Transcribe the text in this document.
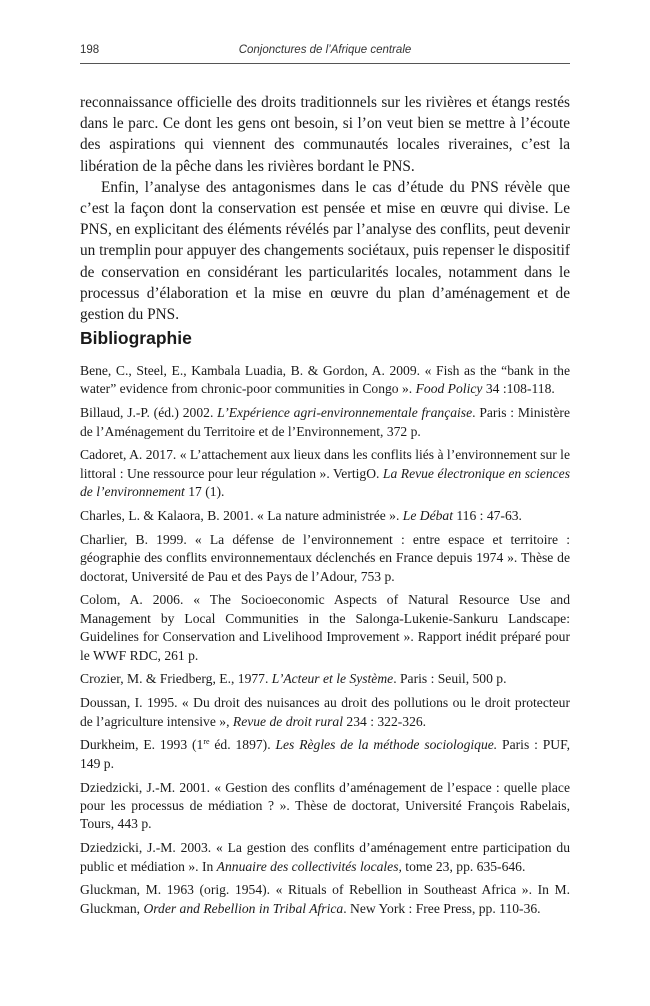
198	Conjonctures de l’Afrique centrale

reconnaissance officielle des droits traditionnels sur les rivières et étangs restés dans le parc. Ce dont les gens ont besoin, si l’on veut bien se mettre à l’écoute des aspirations qui viennent des communautés locales riveraines, c’est la libération de la pêche dans les rivières bordant le PNS.

Enfin, l’analyse des antagonismes dans le cas d’étude du PNS révèle que c’est la façon dont la conservation est pensée et mise en œuvre qui divise. Le PNS, en explicitant des éléments révélés par l’analyse des conflits, peut devenir un tremplin pour appuyer des changements sociétaux, puis repenser le dispositif de conservation en considérant les particularités locales, notamment dans le processus d’élaboration et la mise en œuvre du plan d’aménagement et de gestion du PNS.

Bibliographie

Bene, C., Steel, E., Kambala Luadia, B. & Gordon, A. 2009. « Fish as the “bank in the water” evidence from chronic-poor communities in Congo ». Food Policy 34 :108-118.

Billaud, J.-P. (éd.) 2002. L’Expérience agri-environnementale française. Paris : Ministère de l’Aménagement du Territoire et de l’Environnement, 372 p.

Cadoret, A. 2017. « L’attachement aux lieux dans les conflits liés à l’environnement sur le littoral : Une ressource pour leur régulation ». VertigO. La Revue électronique en sciences de l’environnement 17 (1).

Charles, L. & Kalaora, B. 2001. « La nature administrée ». Le Débat 116 : 47-63.

Charlier, B. 1999. « La défense de l’environnement : entre espace et territoire : géographie des conflits environnementaux déclenchés en France depuis 1974 ». Thèse de doctorat, Université de Pau et des Pays de l’Adour, 753 p.

Colom, A. 2006. « The Socioeconomic Aspects of Natural Resource Use and Management by Local Communities in the Salonga-Lukenie-Sankuru Landscape: Guidelines for Conservation and Livelihood Improvement ». Rapport inédit préparé pour le WWF RDC, 261 p.

Crozier, M. & Friedberg, E., 1977. L’Acteur et le Système. Paris : Seuil, 500 p.

Doussan, I. 1995. « Du droit des nuisances au droit des pollutions ou le droit protecteur de l’agriculture intensive », Revue de droit rural 234 : 322-326.

Durkheim, E. 1993 (1re éd. 1897). Les Règles de la méthode sociologique. Paris : PUF, 149 p.

Dziedzicki, J.-M. 2001. « Gestion des conflits d’aménagement de l’espace : quelle place pour les processus de médiation ? ». Thèse de doctorat, Université François Rabelais, Tours, 443 p.

Dziedzicki, J.-M. 2003. « La gestion des conflits d’aménagement entre participation du public et médiation ». In Annuaire des collectivités locales, tome 23, pp. 635-646.

Gluckman, M. 1963 (orig. 1954). « Rituals of Rebellion in Southeast Africa ». In M. Gluckman, Order and Rebellion in Tribal Africa. New York : Free Press, pp. 110-36.
